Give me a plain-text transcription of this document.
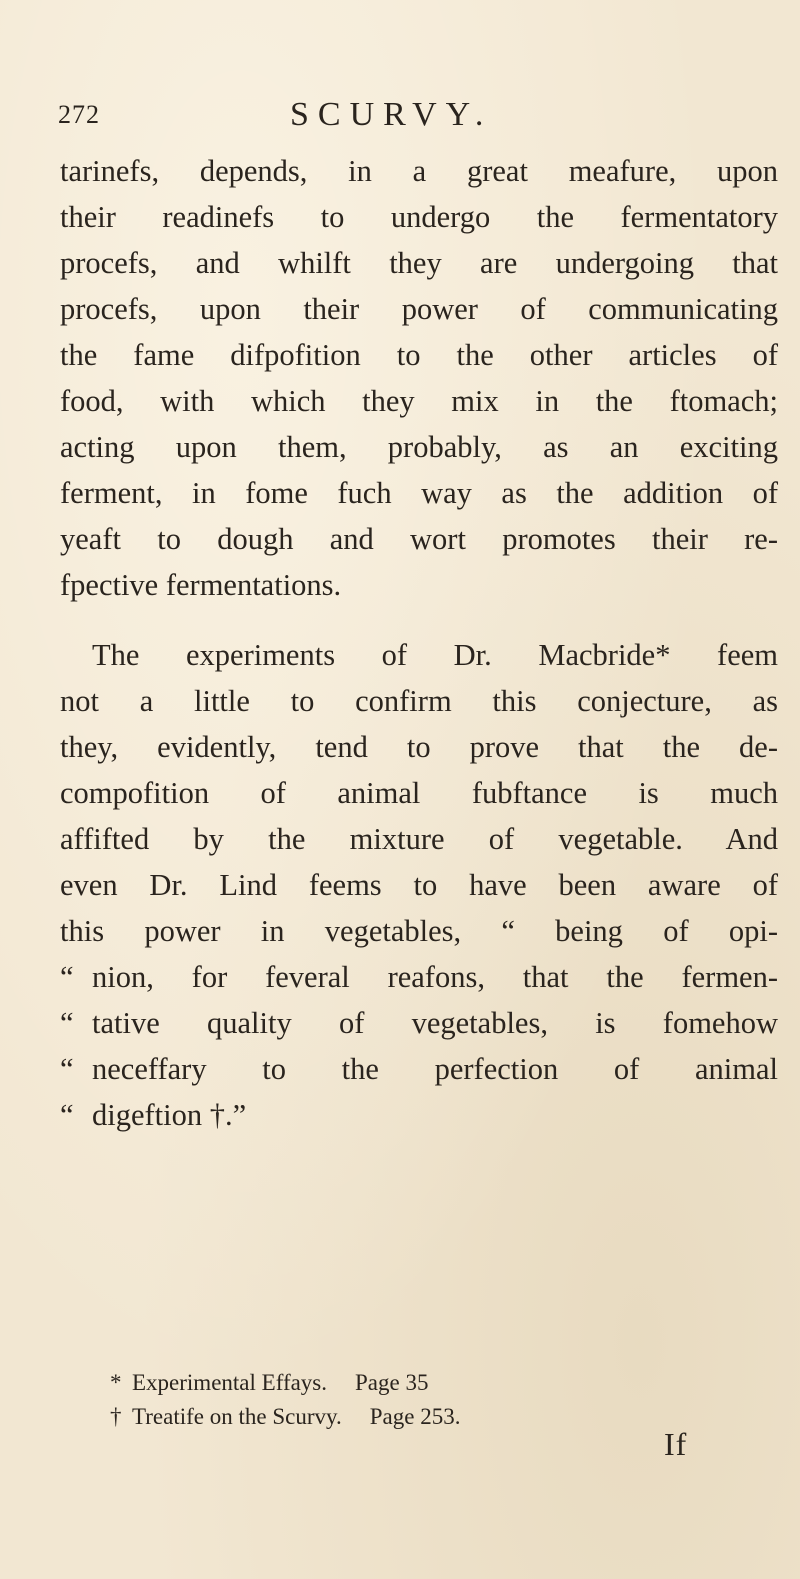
272	SCURVY.

tarinefs, depends, in a great meafure, upon
their readinefs to undergo the fermentatory
procefs, and whilft they are undergoing that
procefs, upon their power of communicating
the fame difpofition to the other articles of
food, with which they mix in the ftomach;
acting upon them, probably, as an exciting
ferment, in fome fuch way as the addition of
yeaft to dough and wort promotes their re-
fpective fermentations.

The experiments of Dr. Macbride* feem
not a little to confirm this conjecture, as
they, evidently, tend to prove that the de-
compofition of animal fubftance is much
affifted by the mixture of vegetable. And
even Dr. Lind feems to have been aware of
this power in vegetables, “ being of opi-
“ nion, for feveral reafons, that the fermen-
“ tative quality of vegetables, is fomehow
“ neceffary to the perfection of animal
“ digeftion †.”

* Experimental Effays. Page 35
† Treatife on the Scurvy. Page 253.
If
